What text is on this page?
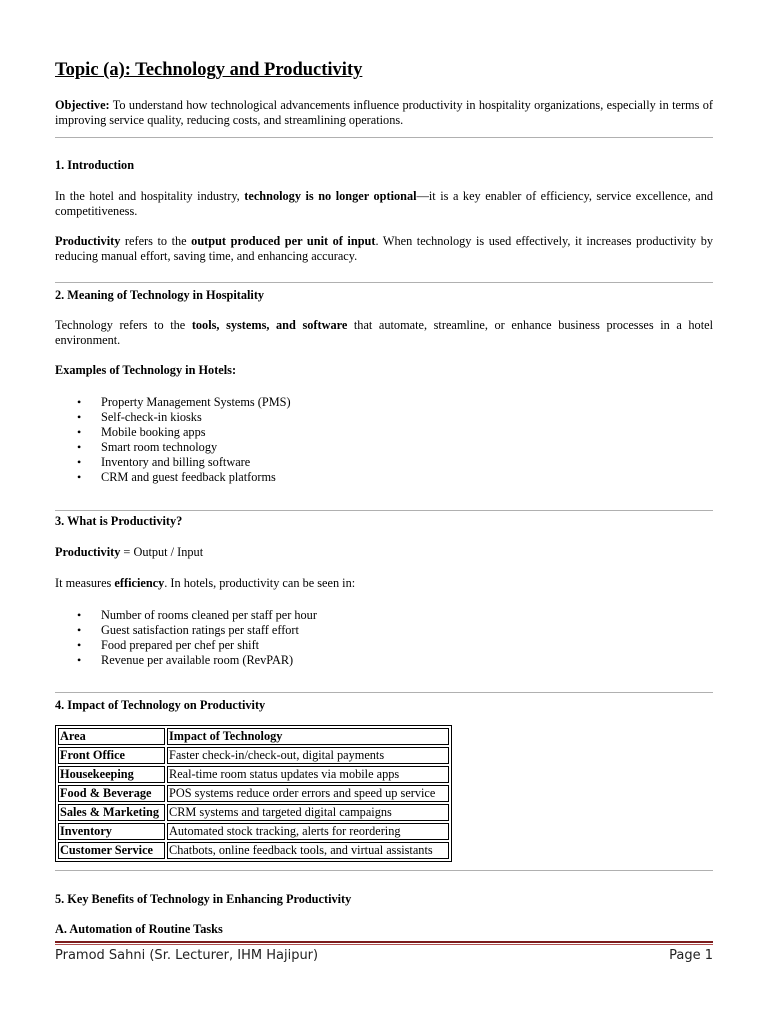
Topic (a): Technology and Productivity
Objective: To understand how technological advancements influence productivity in hospitality organizations, especially in terms of improving service quality, reducing costs, and streamlining operations.
1. Introduction
In the hotel and hospitality industry, technology is no longer optional—it is a key enabler of efficiency, service excellence, and competitiveness.
Productivity refers to the output produced per unit of input. When technology is used effectively, it increases productivity by reducing manual effort, saving time, and enhancing accuracy.
2. Meaning of Technology in Hospitality
Technology refers to the tools, systems, and software that automate, streamline, or enhance business processes in a hotel environment.
Examples of Technology in Hotels:
• Property Management Systems (PMS)
• Self-check-in kiosks
• Mobile booking apps
• Smart room technology
• Inventory and billing software
• CRM and guest feedback platforms
3. What is Productivity?
Productivity = Output / Input
It measures efficiency. In hotels, productivity can be seen in:
• Number of rooms cleaned per staff per hour
• Guest satisfaction ratings per staff effort
• Food prepared per chef per shift
• Revenue per available room (RevPAR)
4. Impact of Technology on Productivity
Area	Impact of Technology
Front Office	Faster check-in/check-out, digital payments
Housekeeping	Real-time room status updates via mobile apps
Food & Beverage	POS systems reduce order errors and speed up service
Sales & Marketing	CRM systems and targeted digital campaigns
Inventory	Automated stock tracking, alerts for reordering
Customer Service	Chatbots, online feedback tools, and virtual assistants
5. Key Benefits of Technology in Enhancing Productivity
A. Automation of Routine Tasks
Pramod Sahni (Sr. Lecturer, IHM Hajipur)	Page 1
